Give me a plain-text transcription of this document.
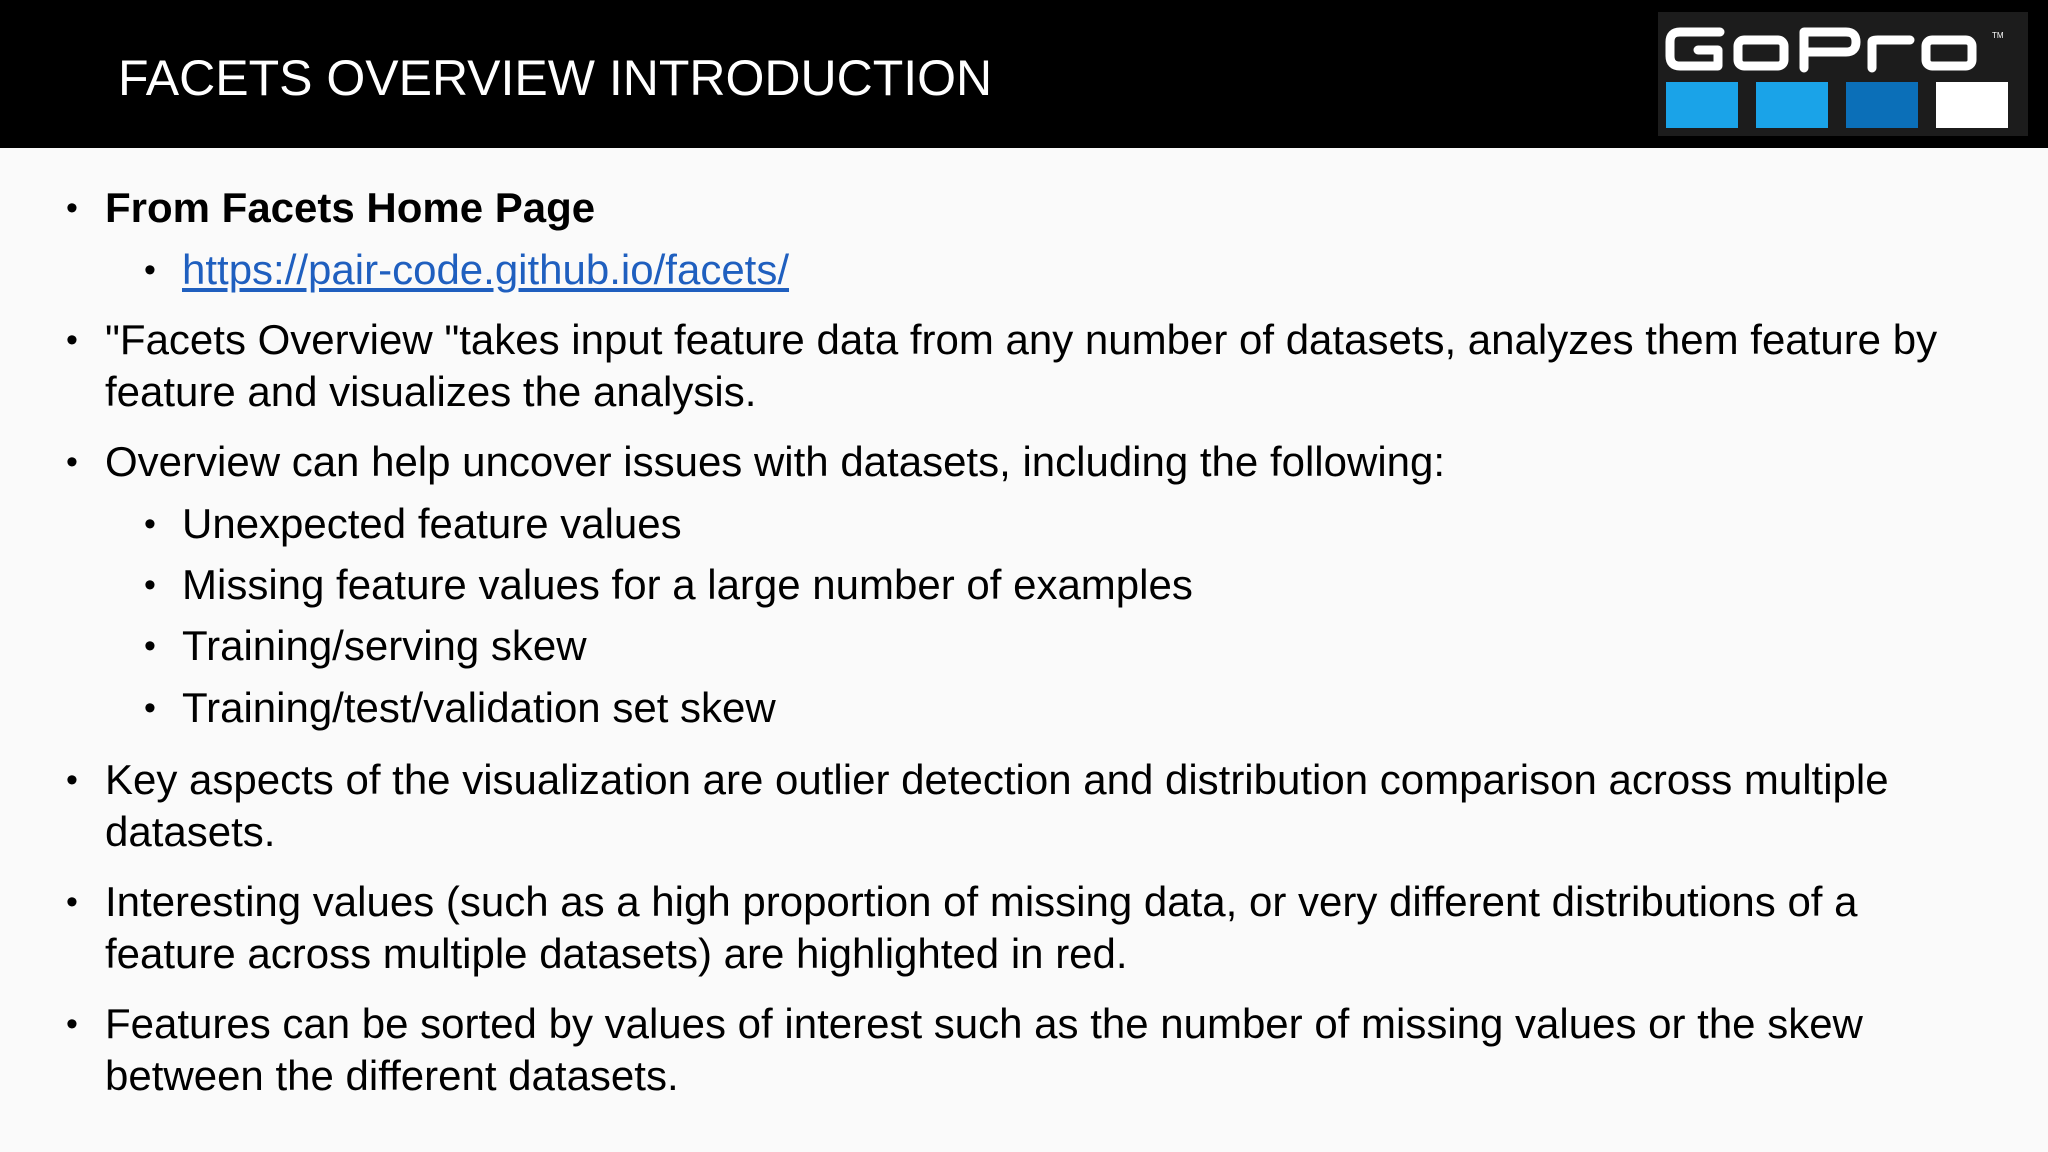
FACETS OVERVIEW INTRODUCTION
TM
• From Facets Home Page
• https://pair-code.github.io/facets/
• "Facets Overview "takes input feature data from any number of datasets, analyzes them feature by feature and visualizes the analysis.
• Overview can help uncover issues with datasets, including the following:
• Unexpected feature values
• Missing feature values for a large number of examples
• Training/serving skew
• Training/test/validation set skew
• Key aspects of the visualization are outlier detection and distribution comparison across multiple datasets.
• Interesting values (such as a high proportion of missing data, or very different distributions of a feature across multiple datasets) are highlighted in red.
• Features can be sorted by values of interest such as the number of missing values or the skew between the different datasets.
